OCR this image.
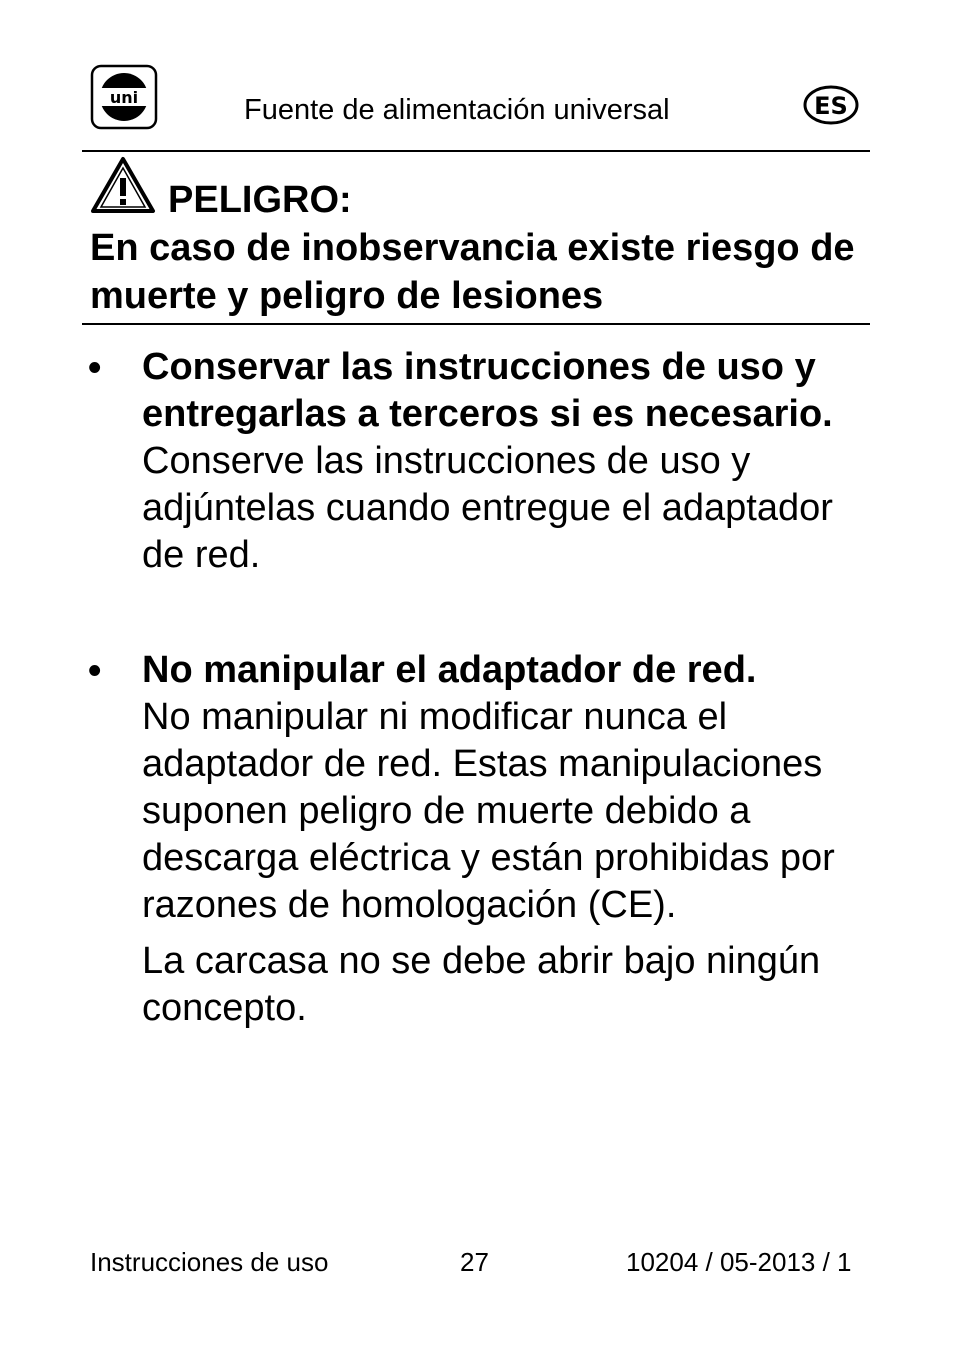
uni	Fuente de alimentación universal	ES
PELIGRO:
En caso de inobservancia existe riesgo de muerte y peligro de lesiones
• Conservar las instrucciones de uso y entregarlas a terceros si es necesario.
Conserve las instrucciones de uso y adjúntelas cuando entregue el adaptador de red.
• No manipular el adaptador de red.
No manipular ni modificar nunca el adaptador de red. Estas manipulaciones suponen peligro de muerte debido a descarga eléctrica y están prohibidas por razones de homologación (CE).
La carcasa no se debe abrir bajo ningún concepto.
Instrucciones de uso	27	10204 / 05-2013 / 1
